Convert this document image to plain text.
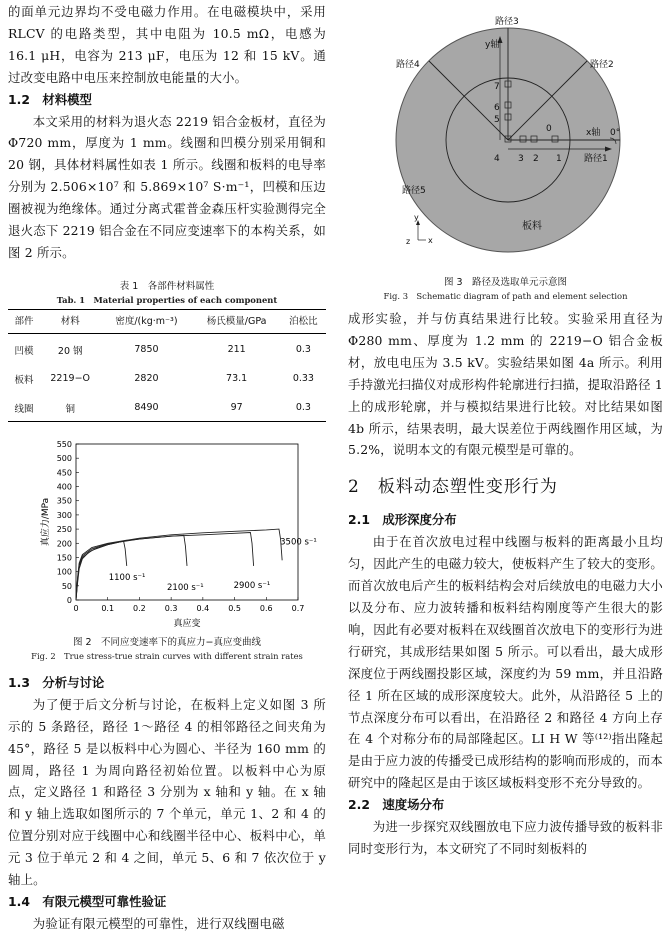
的面单元边界均不受电磁力作用。在电磁模块中，采用 RLCV 的电路类型，其中电阻为 10.5 mΩ，电感为 16.1 μH，电容为 213 μF，电压为 12 和 15 kV。通过改变电路中电压来控制放电能量的大小。

1.2　材料模型

本文采用的材料为退火态 2219 铝合金板材，直径为 Φ720 mm，厚度为 1 mm。线圈和凹模分别采用铜和 20 钢，具体材料属性如表 1 所示。线圈和板料的电导率分别为 2.506×10⁷ 和 5.869×10⁷ S·m⁻¹，凹模和压边圈被视为绝缘体。通过分离式霍普金森压杆实验测得完全退火态下 2219 铝合金在不同应变速率下的本构关系，如图 2 所示。

表 1　各部件材料属性

Tab. 1　Material properties of each component

部件	材料	密度/(kg·m⁻³)	杨氏模量/GPa	泊松比
凹模	20 钢	7850	211	0.3
板料	2219−O	2820	73.1	0.33
线圈	铜	8490	97	0.3
0
50
100
150
200
250
300
350
400
450
500
550
0	0.1 0.2 0.3 0.4 0.5 0.6 0.7
真应变
真应力/MPa
1100 s⁻¹
2100 s⁻¹	2900 s⁻¹
3500 s⁻¹

图 2　不同应变速率下的真应力−真应变曲线

Fig. 2　True stress-true strain curves with different strain rates

1.3　分析与讨论

为了便于后文分析与讨论，在板料上定义如图 3 所示的 5 条路径，路径 1～路径 4 的相邻路径之间夹角为 45°，路径 5 是以板料中心为圆心、半径为 160 mm 的圆周，路径 1 为周向路径初始位置。以板料中心为原点，定义路径 1 和路径 3 分别为 x 轴和 y 轴。在 x 轴和 y 轴上选取如图所示的 7 个单元，单元 1、2 和 4 的位置分别对应于线圈中心和线圈半径中心、板料中心，单元 3 位于单元 2 和 4 之间，单元 5、6 和 7 依次位于 y 轴上。

1.4　有限元模型可靠性验证

为验证有限元模型的可靠性，进行双线圈电磁

路径3
y轴
路径2
路径4
x轴 0°
路径1
路径5
0
1
2
3
4
5
6
7
板料
y
z x

图 3　路径及选取单元示意图

Fig. 3　Schematic diagram of path and element selection

成形实验，并与仿真结果进行比较。实验采用直径为 Φ280 mm、厚度为 1.2 mm 的 2219−O 铝合金板材，放电电压为 3.5 kV。实验结果如图 4a 所示。利用手持激光扫描仪对成形构件轮廓进行扫描，提取沿路径 1 上的成形轮廓，并与模拟结果进行比较。对比结果如图 4b 所示，结果表明，最大误差位于两线圈作用区域，为 5.2%，说明本文的有限元模型是可靠的。

2　板料动态塑性变形行为

2.1　成形深度分布

由于在首次放电过程中线圈与板料的距离最小且均匀，因此产生的电磁力较大，使板料产生了较大的变形。而首次放电后产生的板料结构会对后续放电的电磁力大小以及分布、应力波转播和板料结构刚度等产生很大的影响，因此有必要对板料在双线圈首次放电下的变形行为进行研究，其成形结果如图 5 所示。可以看出，最大成形深度位于两线圈投影区域，深度约为 59 mm，并且沿路径 1 所在区域的成形深度较大。此外，从沿路径 5 上的节点深度分布可以看出，在沿路径 2 和路径 4 方向上存在 4 个对称分布的局部隆起区。LI H W 等⁽¹²⁾指出隆起是由于应力波的传播受已成形结构的影响而形成的，而本研究中的隆起区是由于该区域板料变形不充分导致的。

2.2　速度场分布

为进一步探究双线圈放电下应力波传播导致的板料非同时变形行为，本文研究了不同时刻板料的
